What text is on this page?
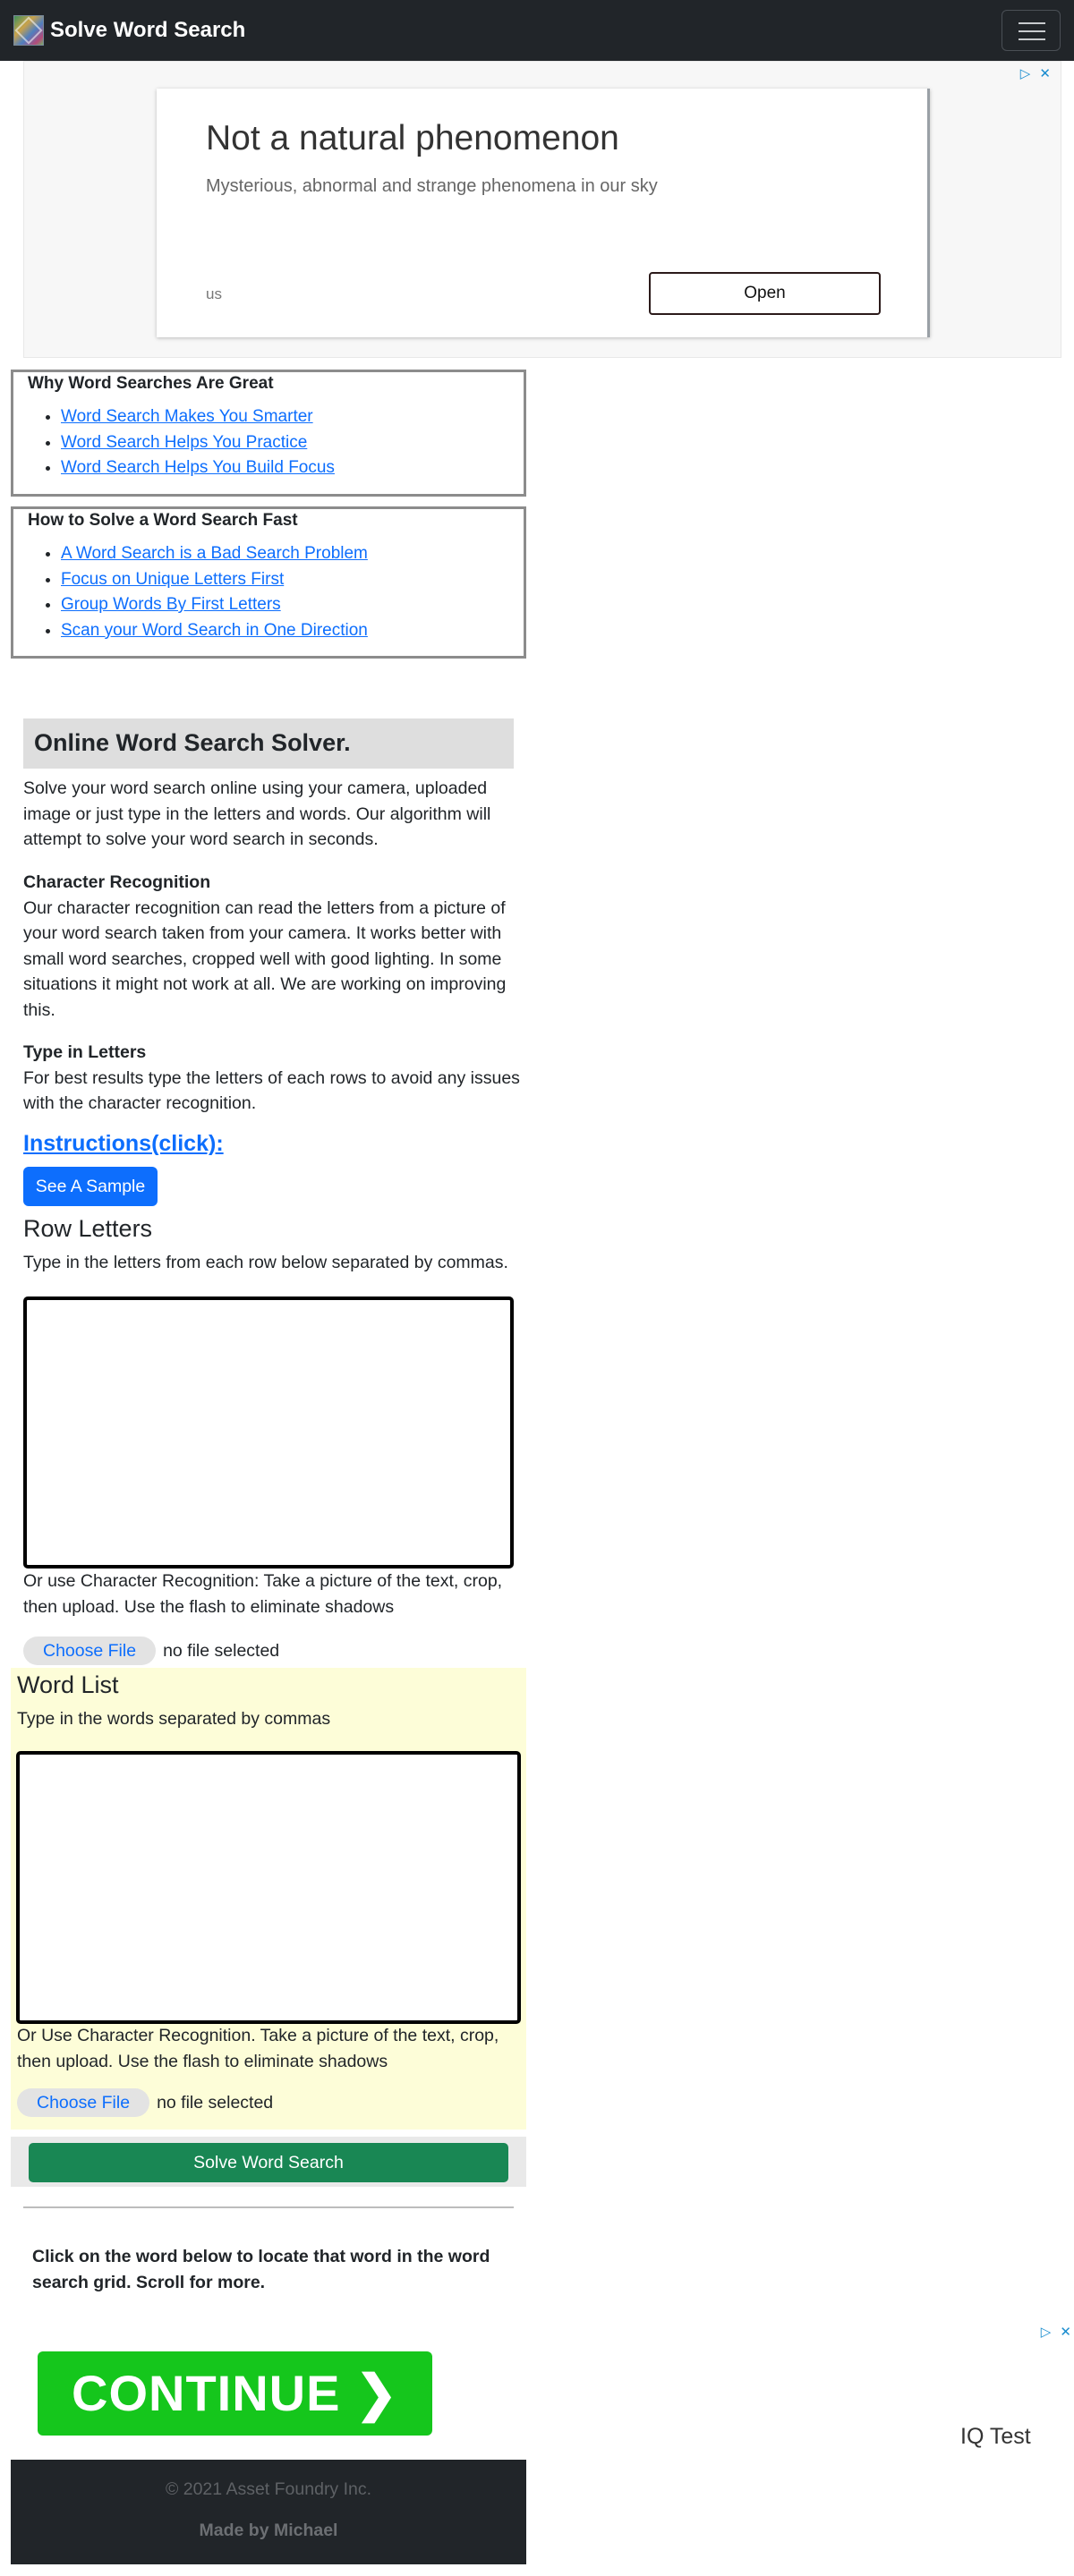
Solve Word Search
▷ ✕
Not a natural phenomenon
Mysterious, abnormal and strange phenomena in our sky
us	Open
Why Word Searches Are Great
• Word Search Makes You Smarter
• Word Search Helps You Practice
• Word Search Helps You Build Focus
How to Solve a Word Search Fast
• A Word Search is a Bad Search Problem
• Focus on Unique Letters First
• Group Words By First Letters
• Scan your Word Search in One Direction
Online Word Search Solver.

Solve your word search online using your camera, uploaded image or just type in the letters and words. Our algorithm will attempt to solve your word search in seconds.

Character Recognition
Our character recognition can read the letters from a picture of your word search taken from your camera. It works better with small word searches, cropped well with good lighting. In some situations it might not work at all. We are working on improving this.
Type in Letters
For best results type the letters of each rows to avoid any issues with the character recognition.
Instructions(click):
See A Sample
Row Letters

Type in the letters from each row below separated by commas.

Or use Character Recognition: Take a picture of the text, crop, then upload. Use the flash to eliminate shadows

Choose File	no file selected
Word List

Type in the words separated by commas

Or Use Character Recognition. Take a picture of the text, crop, then upload. Use the flash to eliminate shadows

Choose File	no file selected
Solve Word Search

Click on the word below to locate that word in the word search grid. Scroll for more.

▷ ✕
CONTINUE ❯
IQ Test
© 2021 Asset Foundry Inc.
Made by Michael
